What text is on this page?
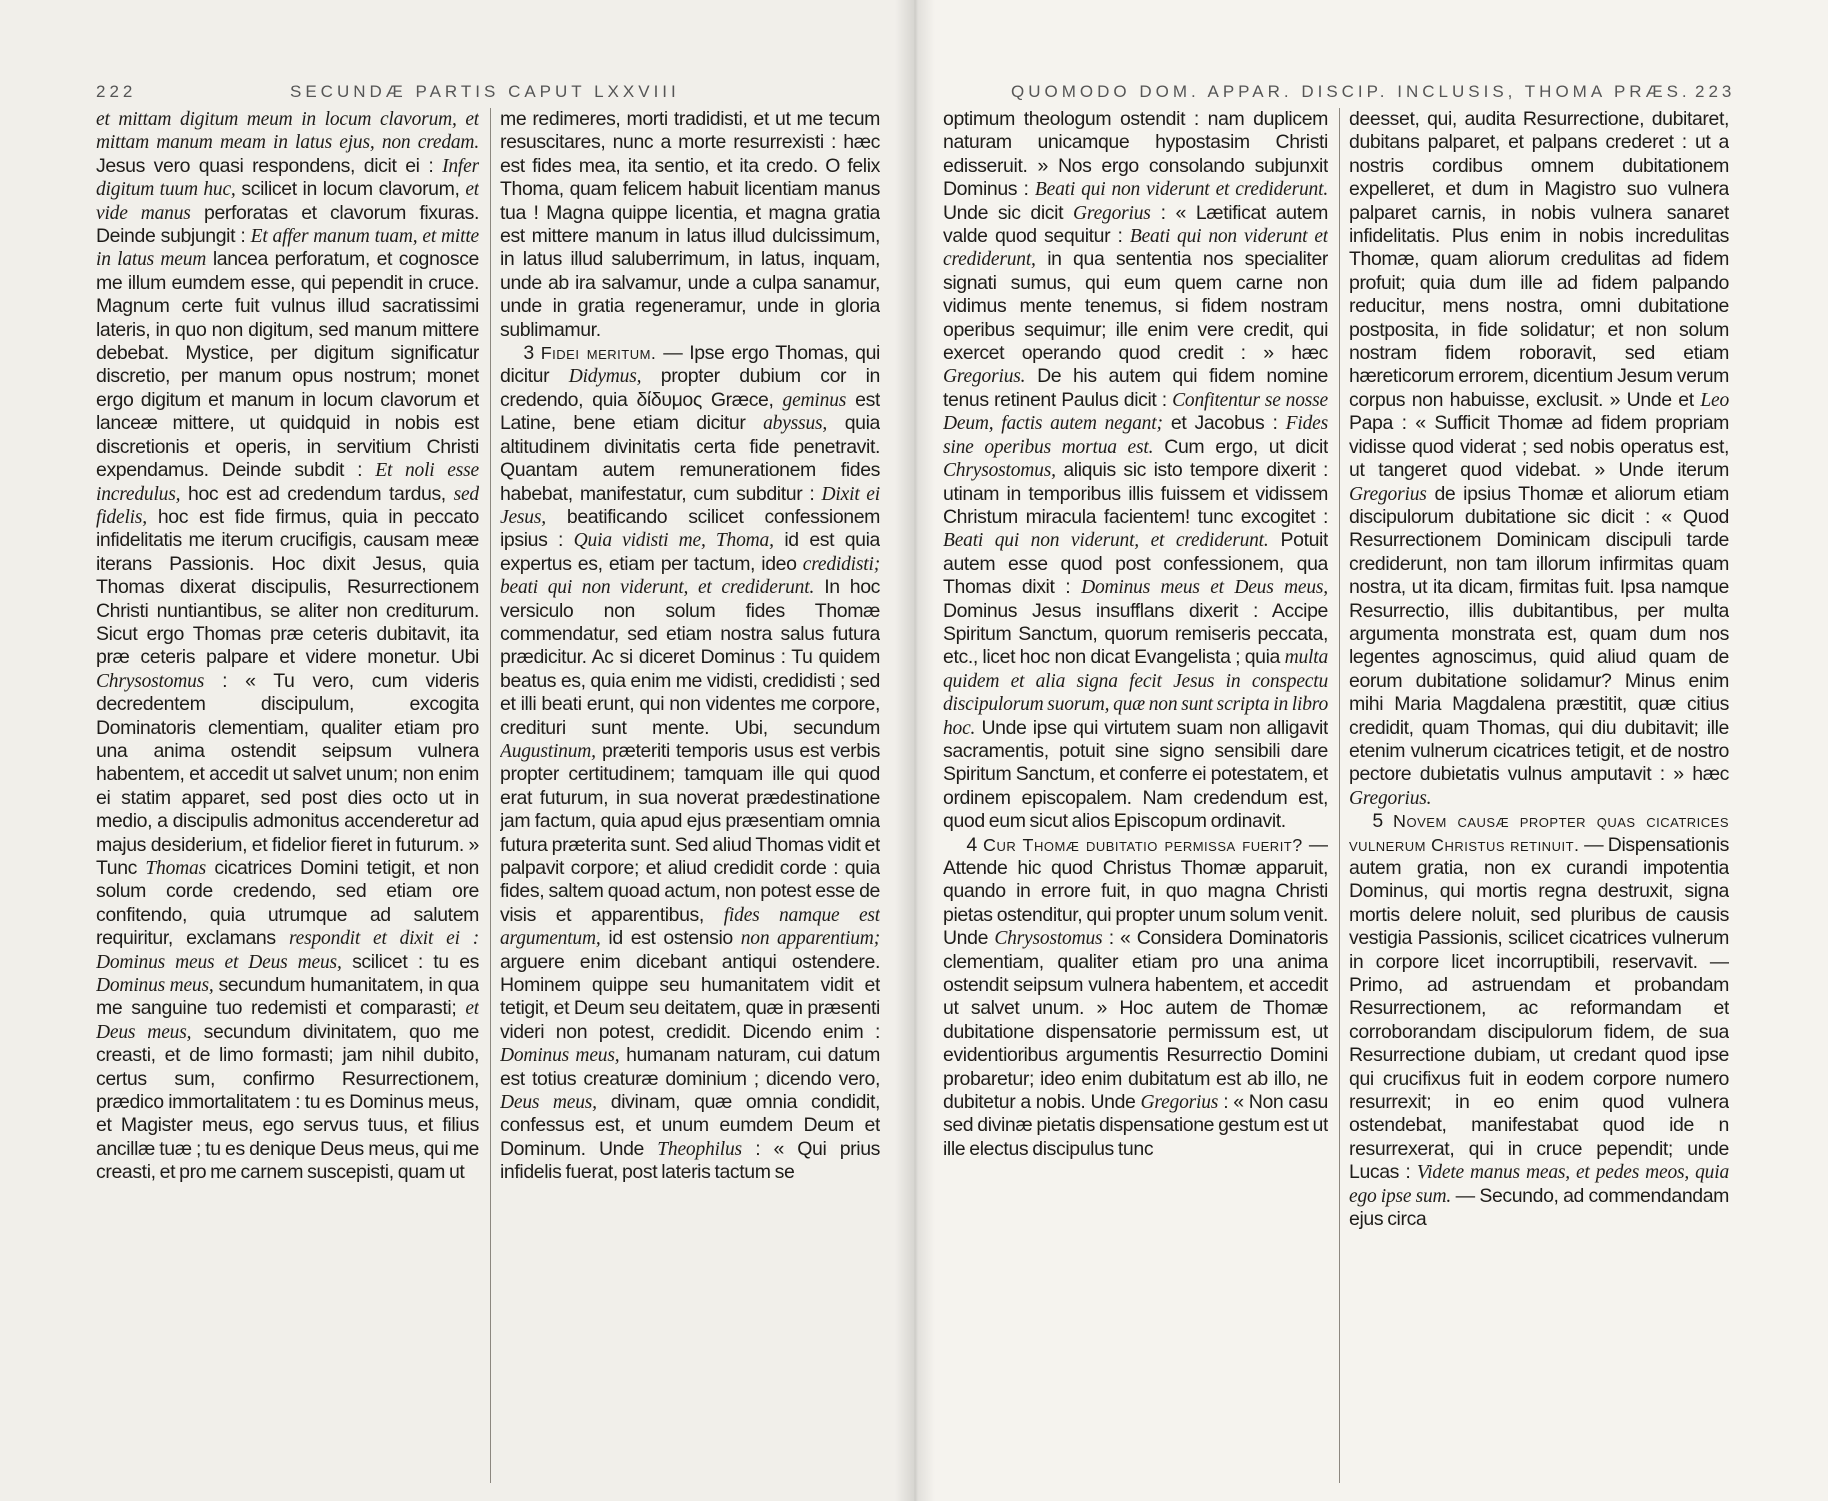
222	SECUNDÆ PARTIS CAPUT LXXVIII

et mittam digitum meum in locum clavorum, et mittam manum meam in latus ejus, non credam. Jesus vero quasi respondens, dicit ei : Infer digitum tuum huc, scilicet in locum clavorum, et vide manus perforatas et clavorum fixuras. Deinde subjungit : Et affer manum tuam, et mitte in latus meum lancea perforatum, et cognosce me illum eumdem esse, qui pependit in cruce. Magnum certe fuit vulnus illud sacratissimi lateris, in quo non digitum, sed manum mittere debebat. Mystice, per digitum significatur discretio, per manum opus nostrum; monet ergo digitum et manum in locum clavorum et lanceæ mittere, ut quidquid in nobis est discretionis et operis, in servitium Christi expendamus. Deinde subdit : Et noli esse incredulus, hoc est ad credendum tardus, sed fidelis, hoc est fide firmus, quia in peccato infidelitatis me iterum crucifigis, causam meæ iterans Passionis. Hoc dixit Jesus, quia Thomas dixerat discipulis, Resurrectionem Christi nuntiantibus, se aliter non crediturum. Sicut ergo Thomas præ ceteris dubitavit, ita præ ceteris palpare et videre monetur. Ubi Chrysostomus : « Tu vero, cum videris decredentem discipulum, excogita Dominatoris clementiam, qualiter etiam pro una anima ostendit seipsum vulnera habentem, et accedit ut salvet unum; non enim ei statim apparet, sed post dies octo ut in medio, a discipulis admonitus accenderetur ad majus desiderium, et fidelior fieret in futurum. » Tunc Thomas cicatrices Domini tetigit, et non solum corde credendo, sed etiam ore confitendo, quia utrumque ad salutem requiritur, exclamans respondit et dixit ei : Dominus meus et Deus meus, scilicet : tu es Dominus meus, secundum humanitatem, in qua me sanguine tuo redemisti et comparasti; et Deus meus, secundum divinitatem, quo me creasti, et de limo formasti; jam nihil dubito, certus sum, confirmo Resurrectionem, prædico immortalitatem : tu es Dominus meus, et Magister meus, ego servus tuus, et filius ancillæ tuæ ; tu es denique Deus meus, qui me creasti, et pro me carnem suscepisti, quam ut

me redimeres, morti tradidisti, et ut me tecum resuscitares, nunc a morte resurrexisti : hæc est fides mea, ita sentio, et ita credo. O felix Thoma, quam felicem habuit licentiam manus tua ! Magna quippe licentia, et magna gratia est mittere manum in latus illud dulcissimum, in latus illud saluberrimum, in latus, inquam, unde ab ira salvamur, unde a culpa sanamur, unde in gratia regeneramur, unde in gloria sublimamur.

3 Fidei meritum. — Ipse ergo Thomas, qui dicitur Didymus, propter dubium cor in credendo, quia δίδυμος Græce, geminus est Latine, bene etiam dicitur abyssus, quia altitudinem divinitatis certa fide penetravit. Quantam autem remunerationem fides habebat, manifestatur, cum subditur : Dixit ei Jesus, beatificando scilicet confessionem ipsius : Quia vidisti me, Thoma, id est quia expertus es, etiam per tactum, ideo credidisti; beati qui non viderunt, et crediderunt. In hoc versiculo non solum fides Thomæ commendatur, sed etiam nostra salus futura prædicitur. Ac si diceret Dominus : Tu quidem beatus es, quia enim me vidisti, credidisti ; sed et illi beati erunt, qui non videntes me corpore, credituri sunt mente. Ubi, secundum Augustinum, præteriti temporis usus est verbis propter certitudinem; tamquam ille qui quod erat futurum, in sua noverat prædestinatione jam factum, quia apud ejus præsentiam omnia futura præterita sunt. Sed aliud Thomas vidit et palpavit corpore; et aliud credidit corde : quia fides, saltem quoad actum, non potest esse de visis et apparentibus, fides namque est argumentum, id est ostensio non apparentium; arguere enim dicebant antiqui ostendere. Hominem quippe seu humanitatem vidit et tetigit, et Deum seu deitatem, quæ in præsenti videri non potest, credidit. Dicendo enim : Dominus meus, humanam naturam, cui datum est totius creaturæ dominium ; dicendo vero, Deus meus, divinam, quæ omnia condidit, confessus est, et unum eumdem Deum et Dominum. Unde Theophilus : « Qui prius infidelis fuerat, post lateris tactum se

QUOMODO DOM. APPAR. DISCIP. INCLUSIS, THOMA PRÆS. 223

optimum theologum ostendit : nam duplicem naturam unicamque hypostasim Christi edisseruit. » Nos ergo consolando subjunxit Dominus : Beati qui non viderunt et crediderunt. Unde sic dicit Gregorius : « Lætificat autem valde quod sequitur : Beati qui non viderunt et crediderunt, in qua sententia nos specialiter signati sumus, qui eum quem carne non vidimus mente tenemus, si fidem nostram operibus sequimur; ille enim vere credit, qui exercet operando quod credit : » hæc Gregorius. De his autem qui fidem nomine tenus retinent Paulus dicit : Confitentur se nosse Deum, factis autem negant; et Jacobus : Fides sine operibus mortua est. Cum ergo, ut dicit Chrysostomus, aliquis sic isto tempore dixerit : utinam in temporibus illis fuissem et vidissem Christum miracula facientem! tunc excogitet : Beati qui non viderunt, et crediderunt. Potuit autem esse quod post confessionem, qua Thomas dixit : Dominus meus et Deus meus, Dominus Jesus insufflans dixerit : Accipe Spiritum Sanctum, quorum remiseris peccata, etc., licet hoc non dicat Evangelista ; quia multa quidem et alia signa fecit Jesus in conspectu discipulorum suorum, quæ non sunt scripta in libro hoc. Unde ipse qui virtutem suam non alligavit sacramentis, potuit sine signo sensibili dare Spiritum Sanctum, et conferre ei potestatem, et ordinem episcopalem. Nam credendum est, quod eum sicut alios Episcopum ordinavit.

4 Cur Thomæ dubitatio permissa fuerit? — Attende hic quod Christus Thomæ apparuit, quando in errore fuit, in quo magna Christi pietas ostenditur, qui propter unum solum venit. Unde Chrysostomus : « Considera Dominatoris clementiam, qualiter etiam pro una anima ostendit seipsum vulnera habentem, et accedit ut salvet unum. » Hoc autem de Thomæ dubitatione dispensatorie permissum est, ut evidentioribus argumentis Resurrectio Domini probaretur; ideo enim dubitatum est ab illo, ne dubitetur a nobis. Unde Gregorius : « Non casu sed divinæ pietatis dispensatione gestum est ut ille electus discipulus tunc

deesset, qui, audita Resurrectione, dubitaret, dubitans palparet, et palpans crederet : ut a nostris cordibus omnem dubitationem expelleret, et dum in Magistro suo vulnera palparet carnis, in nobis vulnera sanaret infidelitatis. Plus enim in nobis incredulitas Thomæ, quam aliorum credulitas ad fidem profuit; quia dum ille ad fidem palpando reducitur, mens nostra, omni dubitatione postposita, in fide solidatur; et non solum nostram fidem roboravit, sed etiam hæreticorum errorem, dicentium Jesum verum corpus non habuisse, exclusit. » Unde et Leo Papa : « Sufficit Thomæ ad fidem propriam vidisse quod viderat ; sed nobis operatus est, ut tangeret quod videbat. » Unde iterum Gregorius de ipsius Thomæ et aliorum etiam discipulorum dubitatione sic dicit : « Quod Resurrectionem Dominicam discipuli tarde crediderunt, non tam illorum infirmitas quam nostra, ut ita dicam, firmitas fuit. Ipsa namque Resurrectio, illis dubitantibus, per multa argumenta monstrata est, quam dum nos legentes agnoscimus, quid aliud quam de eorum dubitatione solidamur? Minus enim mihi Maria Magdalena præstitit, quæ citius credidit, quam Thomas, qui diu dubitavit; ille etenim vulnerum cicatrices tetigit, et de nostro pectore dubietatis vulnus amputavit : » hæc Gregorius.

5 Novem causæ propter quas cicatrices vulnerum Christus retinuit. — Dispensationis autem gratia, non ex curandi impotentia Dominus, qui mortis regna destruxit, signa mortis delere noluit, sed pluribus de causis vestigia Passionis, scilicet cicatrices vulnerum in corpore licet incorruptibili, reservavit. — Primo, ad astruendam et probandam Resurrectionem, ac reformandam et corroborandam discipulorum fidem, de sua Resurrectione dubiam, ut credant quod ipse qui crucifixus fuit in eodem corpore numero resurrexit; in eo enim quod vulnera ostendebat, manifestabat quod ide n resurrexerat, qui in cruce pependit; unde Lucas : Videte manus meas, et pedes meos, quia ego ipse sum. — Secundo, ad commendandam ejus circa
